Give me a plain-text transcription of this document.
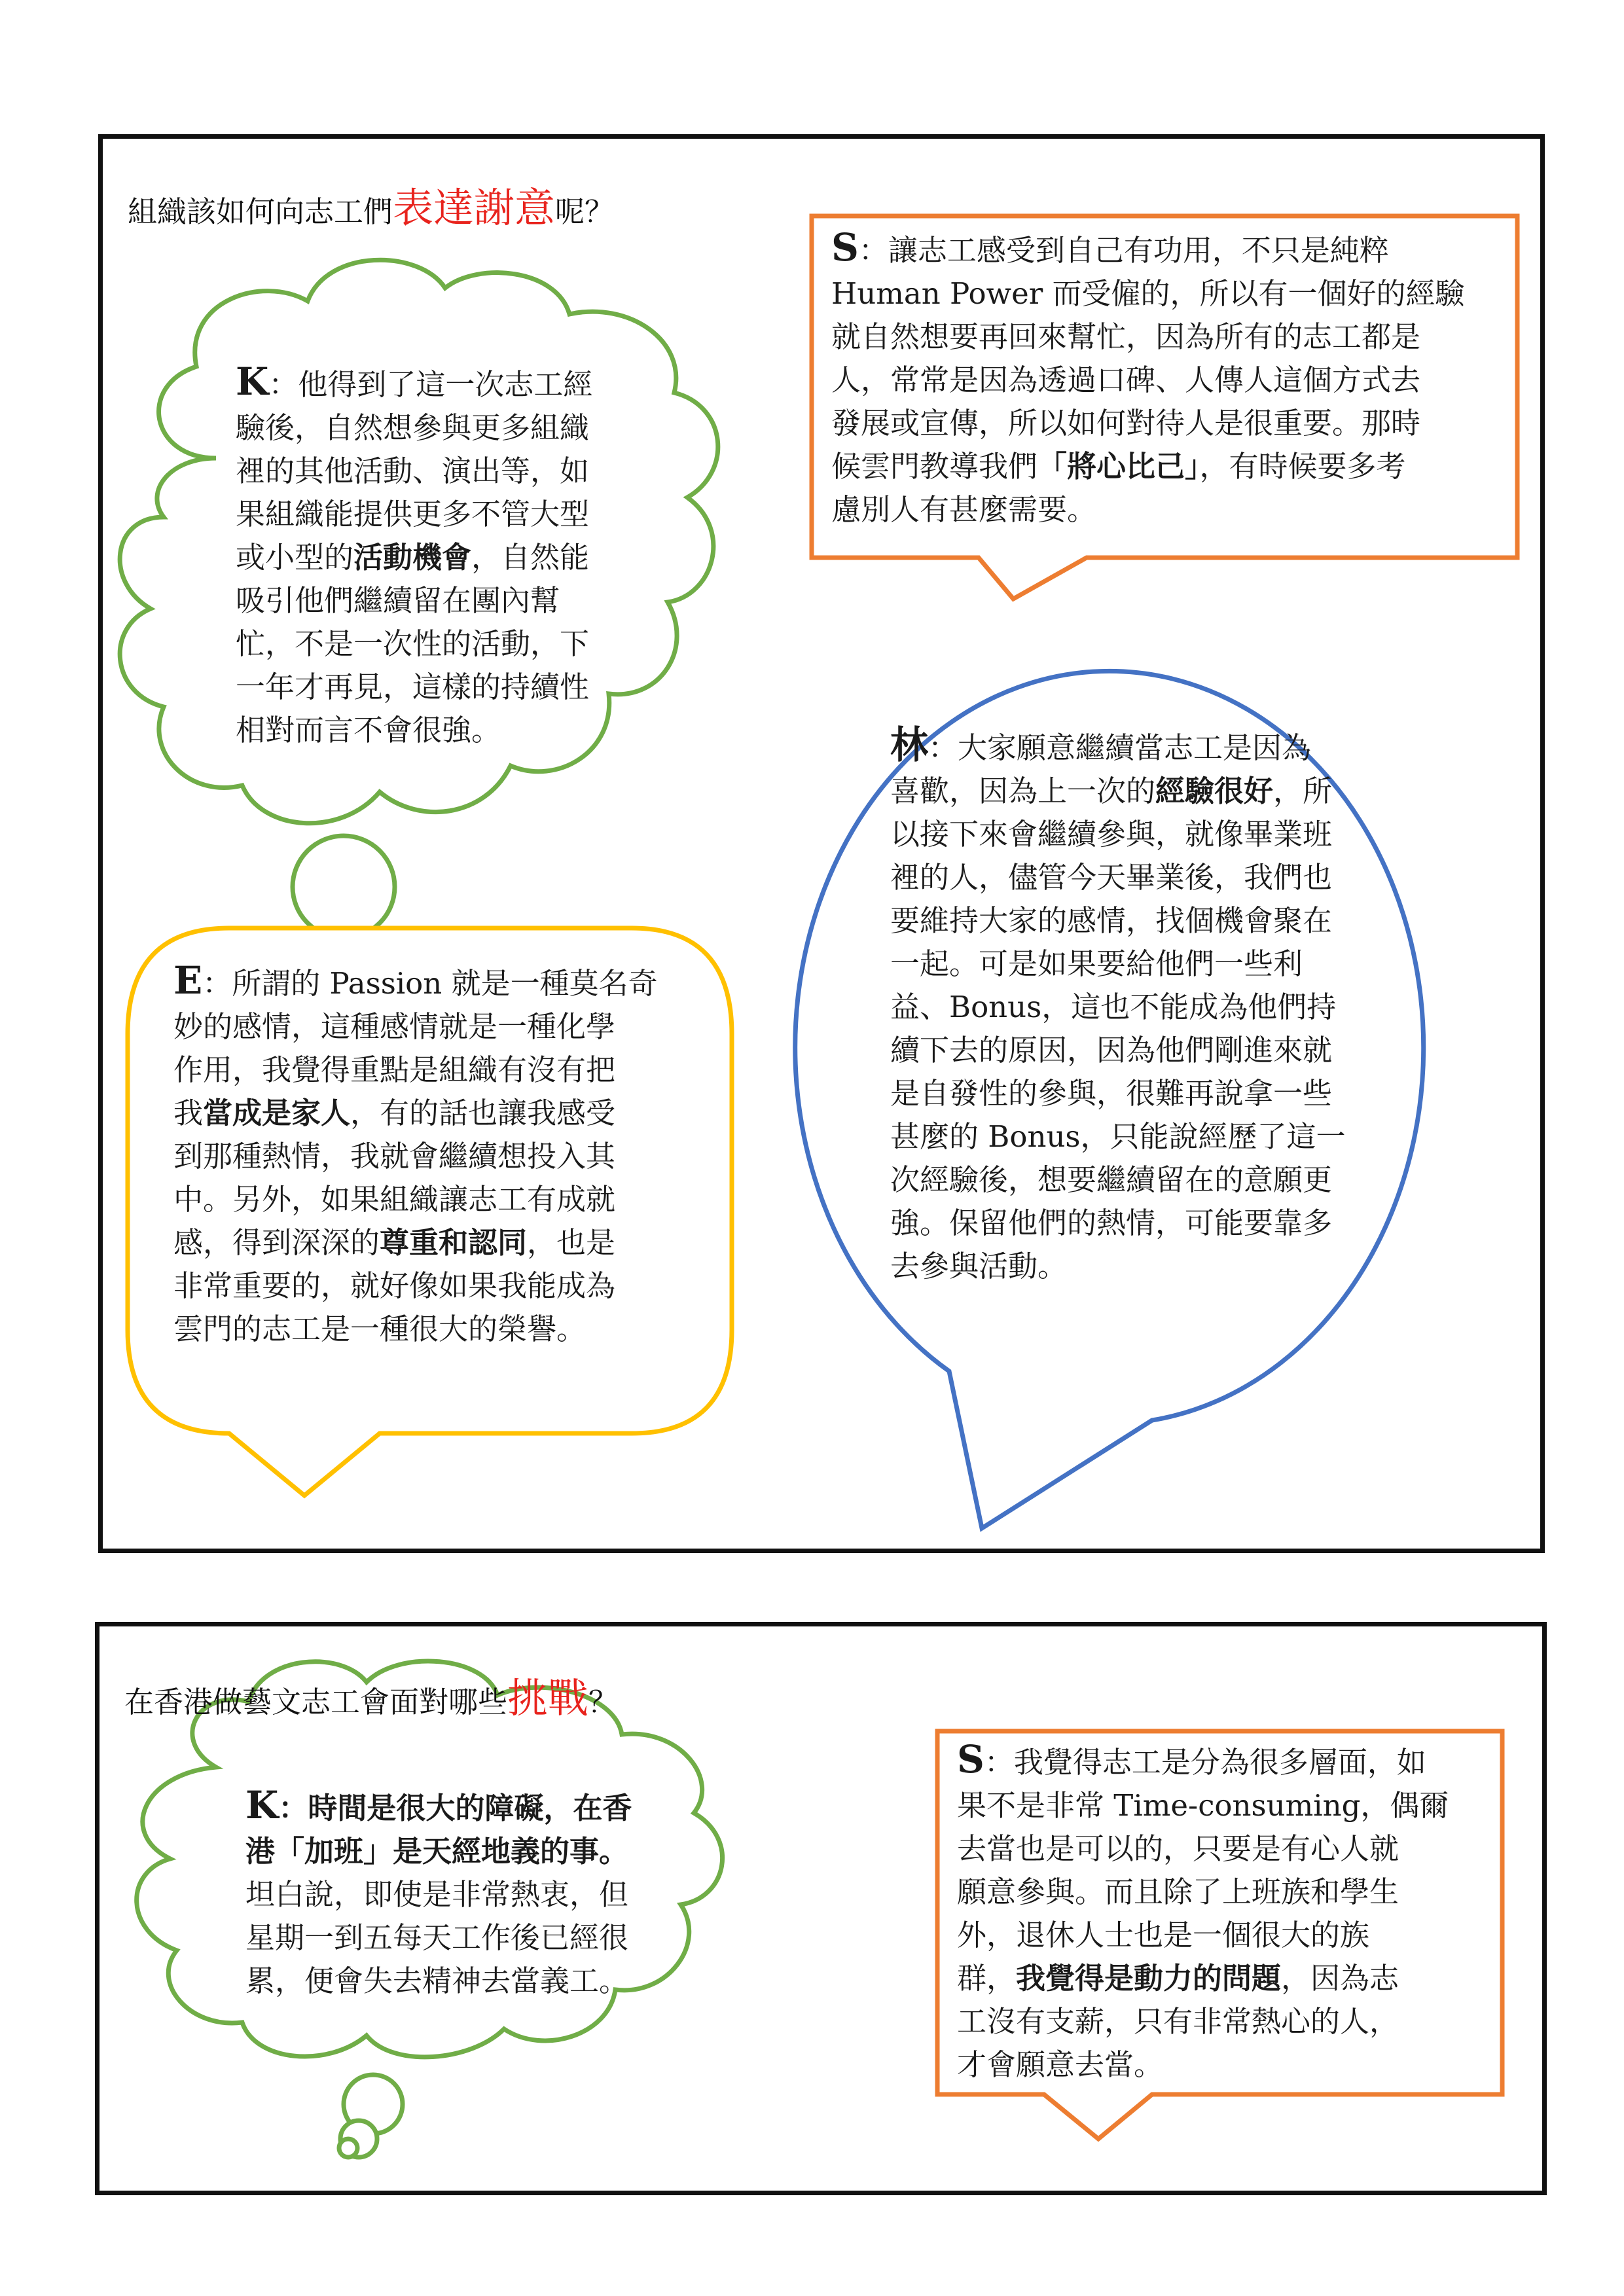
組織該如何向志工們表達謝意呢？
S：讓志工感受到自己有功用，不只是純粹
Human Power 而受僱的，所以有一個好的經驗
就自然想要再回來幫忙，因為所有的志工都是
人，常常是因為透過口碑、人傳人這個方式去
發展或宣傳，所以如何對待人是很重要。那時
候雲門教導我們「將心比己」，有時候要多考
慮別人有甚麼需要。
K：他得到了這一次志工經
驗後，自然想參與更多組織
裡的其他活動、演出等，如
果組織能提供更多不管大型
或小型的活動機會，自然能
吸引他們繼續留在團內幫
忙，不是一次性的活動，下
一年才再見，這樣的持續性
相對而言不會很強。	林：大家願意繼續當志工是因為
喜歡，因為上一次的經驗很好，所
以接下來會繼續參與，就像畢業班
裡的人，儘管今天畢業後，我們也
要維持大家的感情，找個機會聚在
一起。可是如果要給他們一些利
益、Bonus，這也不能成為他們持
續下去的原因，因為他們剛進來就
是自發性的參與，很難再說拿一些
甚麼的 Bonus，只能說經歷了這一
次經驗後，想要繼續留在的意願更
強。保留他們的熱情，可能要靠多
去參與活動。
E：所謂的 Passion 就是一種莫名奇
妙的感情，這種感情就是一種化學
作用，我覺得重點是組織有沒有把
我當成是家人，有的話也讓我感受
到那種熱情，我就會繼續想投入其
中。另外，如果組織讓志工有成就
感，得到深深的尊重和認同，也是
非常重要的，就好像如果我能成為
雲門的志工是一種很大的榮譽。
在香港做藝文志工會面對哪些挑戰？
K：時間是很大的障礙，在香
港「加班」是天經地義的事。
坦白說，即使是非常熱衷，但
星期一到五每天工作後已經很
累，便會失去精神去當義工。
S：我覺得志工是分為很多層面，如
果不是非常 Time-consuming，偶爾
去當也是可以的，只要是有心人就
願意參與。而且除了上班族和學生
外，退休人士也是一個很大的族
群，我覺得是動力的問題，因為志
工沒有支薪，只有非常熱心的人，
才會願意去當。
